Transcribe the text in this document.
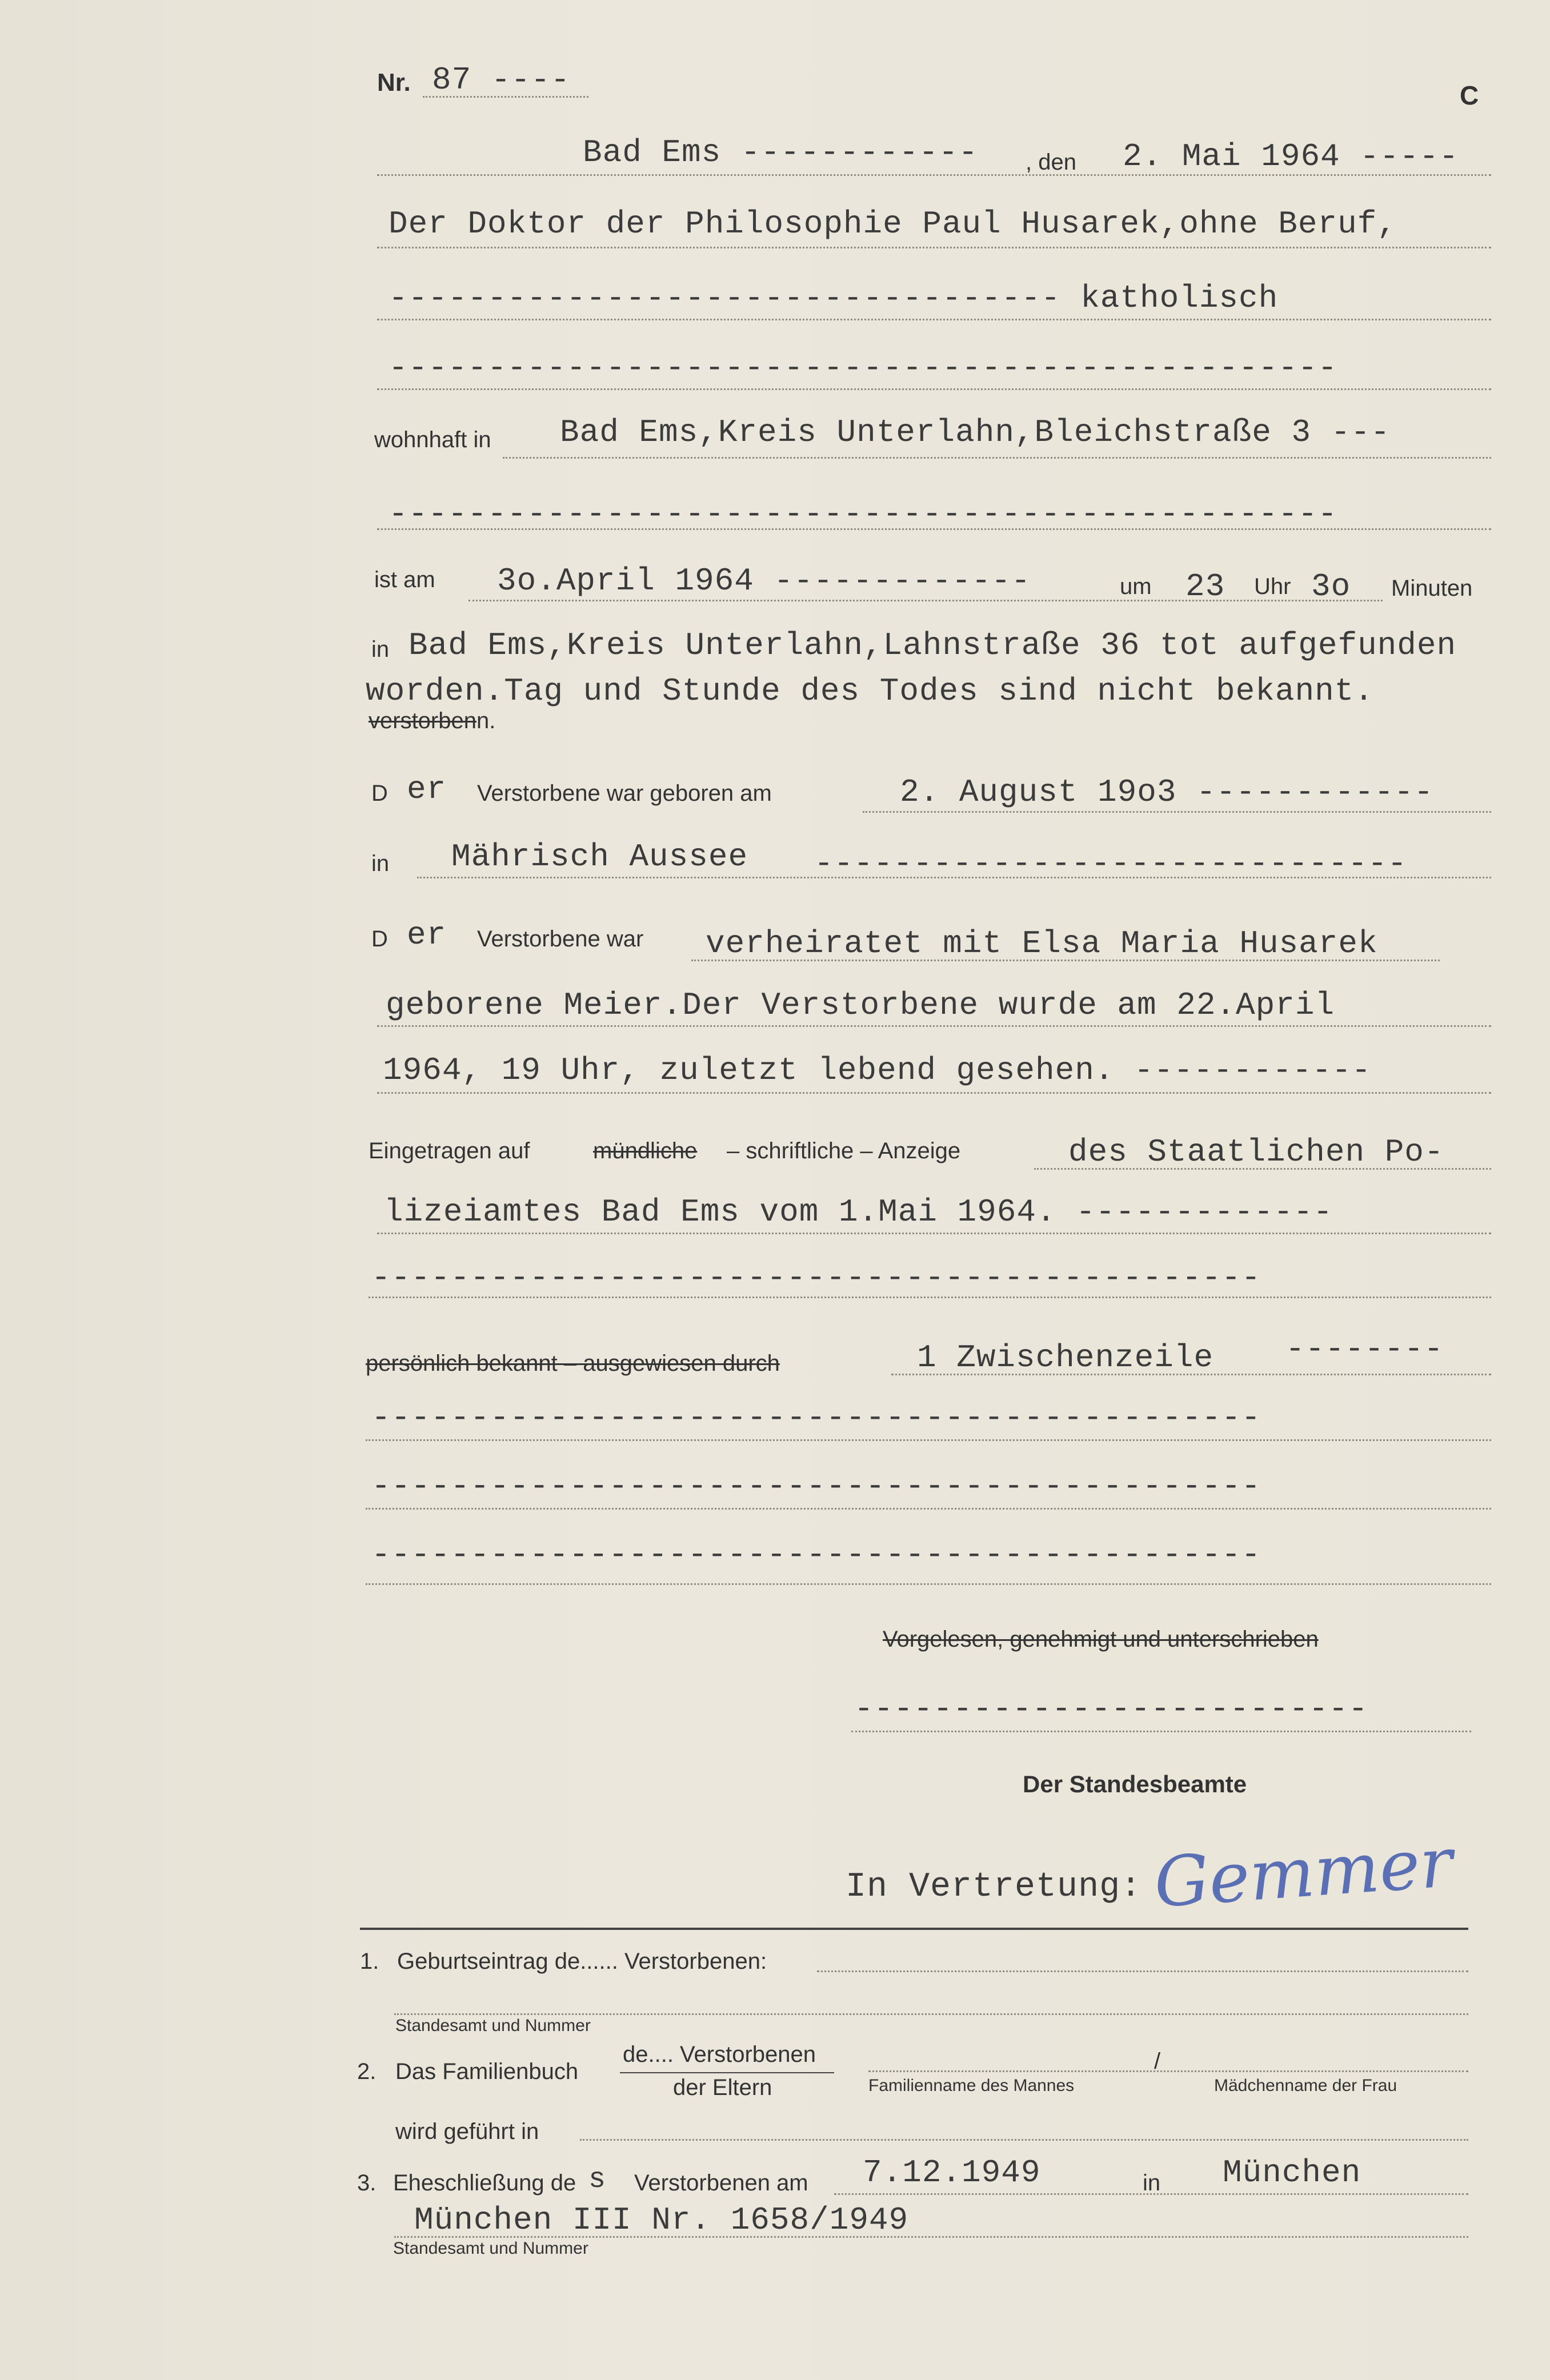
Nr. 87 ----	C
Bad Ems ------------ , den 2. Mai 1964 -----
Der Doktor der Philosophie Paul Husarek,ohne Beruf,
---------------------------------- katholisch
------------------------------------------------
wohnhaft in Bad Ems,Kreis Unterlahn,Bleichstraße 3 ---
------------------------------------------------
ist am 3o.April 1964 -------------	um 23 Uhr 3o Minuten
in Bad Ems,Kreis Unterlahn,Lahnstraße 36 tot aufgefunden
worden.Tag und Stunde des Todes sind nicht bekannt.
verstorbenn.
D er Verstorbene war geboren am	2. August 19o3 ------------
in Mährisch Aussee ------------------------------
D er Verstorbene war verheiratet mit Elsa Maria Husarek
geborene Meier.Der Verstorbene wurde am 22.April
1964, 19 Uhr, zuletzt lebend gesehen. ------------
Eingetragen auf	mündliche – schriftliche – Anzeige	des Staatlichen Po-
lizeiamtes Bad Ems vom 1.Mai 1964. -------------
---------------------------------------------
persönlich bekannt – ausgewiesen durch	1 Zwischenzeile --------
---------------------------------------------
---------------------------------------------
---------------------------------------------
Vorgelesen, genehmigt und unterschrieben
--------------------------
Der Standesbeamte
In Vertretung: Gemmer
1. Geburtseintrag de...... Verstorbenen:
Standesamt und Nummer
2. Das Familienbuch
de.... Verstorbenen
der Eltern
/
Familienname des Mannes	Mädchenname der Frau
wird geführt in
3. Eheschließung de s Verstorbenen am 7.12.1949	in München
München III Nr. 1658/1949
Standesamt und Nummer
